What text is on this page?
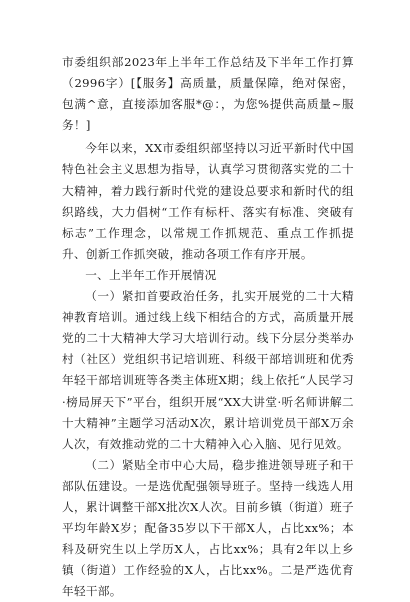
市委组织部2023年上半年工作总结及下半年工作打算（2996字）[【服务】高质量，质量保障，绝对保密，包满^意，直接添加客服*@：，为您%提供高质量~服务！]

今年以来，XX市委组织部坚持以习近平新时代中国特色社会主义思想为指导，认真学习贯彻落实党的二十大精神，着力践行新时代党的建设总要求和新时代的组织路线，大力倡树“工作有标杆、落实有标准、突破有标志”工作理念，以常规工作抓规范、重点工作抓提升、创新工作抓突破，推动各项工作有序开展。

一、上半年工作开展情况

（一）紧扣首要政治任务，扎实开展党的二十大精神教育培训。通过线上线下相结合的方式，高质量开展党的二十大精神大学习大培训行动。线下分层分类举办村（社区）党组织书记培训班、科级干部培训班和优秀年轻干部培训班等各类主体班X期；线上依托“人民学习·榜局屏天下”平台，组织开展“XX大讲堂·听名师讲解二十大精神”主题学习活动X次，累计培训党员干部X万余人次，有效推动党的二十大精神入心入脑、见行见效。

（二）紧贴全市中心大局，稳步推进领导班子和干部队伍建设。一是选优配强领导班子。坚持一线选人用人，累计调整干部X批次X人次。目前乡镇（街道）班子平均年龄X岁；配备35岁以下干部X人，占比xx%；本科及研究生以上学历X人，占比xx%；具有2年以上乡镇（街道）工作经验的X人，占比xx%。二是严选优育年轻干部。
